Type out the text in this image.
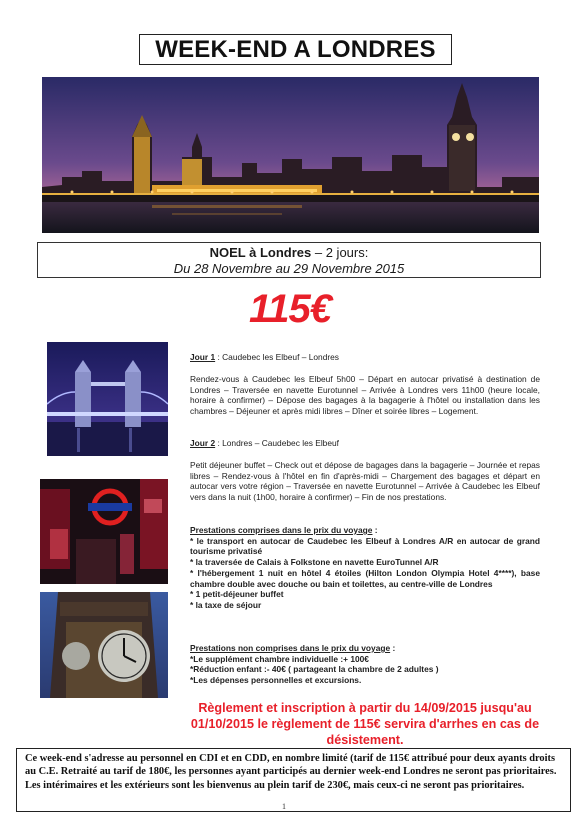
WEEK-END A LONDRES
NOEL à Londres – 2 jours:
Du 28 Novembre au 29 Novembre 2015
115€

Jour 1 : Caudebec les Elbeuf – Londres

Rendez-vous à Caudebec les Elbeuf 5h00 – Départ en autocar privatisé à destination de Londres – Traversée en navette Eurotunnel – Arrivée à Londres vers 11h00 (heure locale, horaire à confirmer) – Dépose des bagages à la bagagerie à l'hôtel ou installation dans les chambres – Déjeuner et après midi libres – Dîner et soirée libres – Logement.

Jour 2 : Londres – Caudebec les Elbeuf

Petit déjeuner buffet – Check out et dépose de bagages dans la bagagerie – Journée et repas libres – Rendez-vous à l'hôtel en fin d'après-midi – Chargement des bagages et départ en autocar vers votre région – Traversée en navette Eurotunnel – Arrivée à Caudebec les Elbeuf vers dans la nuit (1h00, horaire à confirmer) – Fin de nos prestations.

Prestations comprises dans le prix du voyage :

* le transport en autocar de Caudebec les Elbeuf à Londres A/R en autocar de grand tourisme privatisé

* la traversée de Calais à Folkstone en navette EuroTunnel A/R

* l'hébergement 1 nuit en hôtel 4 étoiles (Hilton London Olympia Hotel 4****), base chambre double avec douche ou bain et toilettes, au centre-ville de Londres

* 1 petit-déjeuner buffet

* la taxe de séjour

Prestations non comprises dans le prix du voyage :

*Le supplément chambre individuelle :+ 100€

*Réduction enfant :- 40€ ( partageant la chambre de 2 adultes )

*Les dépenses personnelles et excursions.

Règlement et inscription à partir du 14/09/2015 jusqu'au 01/10/2015 le règlement de 115€ servira d'arrhes en cas de désistement.
Ce week-end s'adresse au personnel en CDI et en CDD, en nombre limité (tarif de 115€ attribué pour deux ayants droits au C.E. Retraité au tarif de 180€, les personnes ayant participés au dernier week-end Londres ne seront pas prioritaires. Les intérimaires et les extérieurs sont les bienvenus au plein tarif de 230€, mais ceux-ci ne seront pas prioritaires.
1
